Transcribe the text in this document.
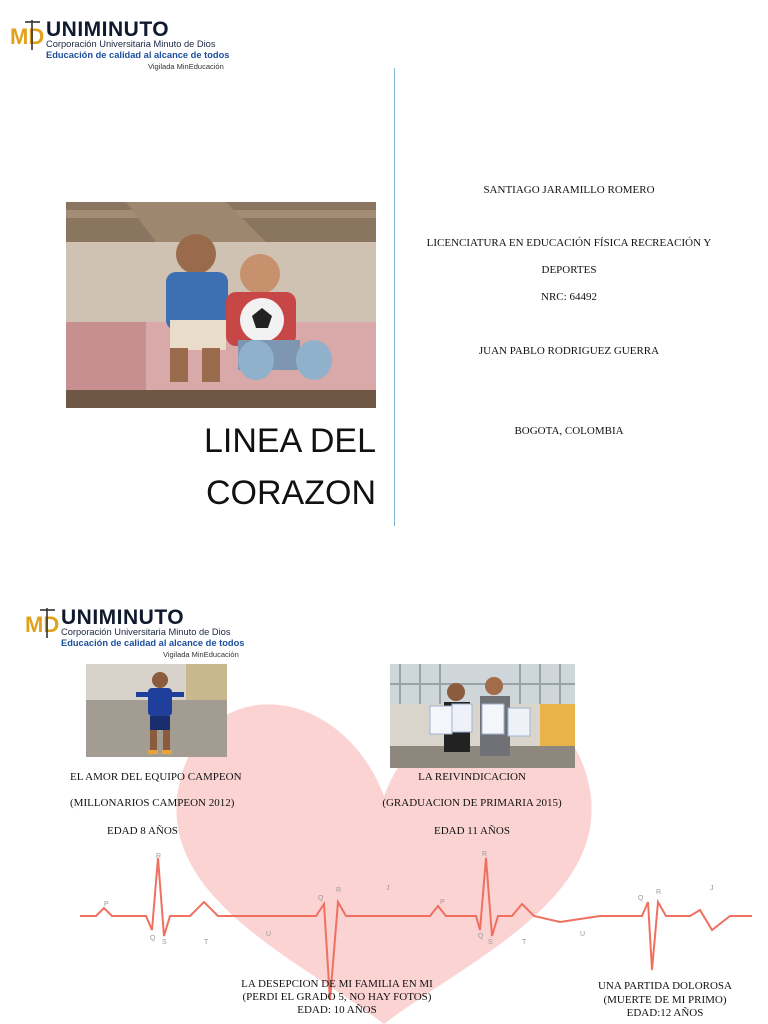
MD UNIMINUTO
Corporación Universitaria Minuto de Dios
Educación de calidad al alcance de todos
Vigilada MinEducación
LINEA DEL
CORAZON
SANTIAGO JARAMILLO ROMERO
LICENCIATURA EN EDUCACIÓN FÍSICA RECREACIÓN Y
DEPORTES
NRC: 64492
JUAN PABLO RODRIGUEZ GUERRA
BOGOTA, COLOMBIA
P
Q
R
S	T
U
Q
R	J
P
Q
R
S	T
U
Q
R
J
MD UNIMINUTO
Corporación Universitaria Minuto de Dios
Educación de calidad al alcance de todos
Vigilada MinEducación
EL AMOR DEL EQUIPO CAMPEON
(MILLONARIOS CAMPEON 2012)
EDAD 8 AÑOS
LA REIVINDICACION
(GRADUACION DE PRIMARIA 2015)
EDAD 11 AÑOS
LA DESEPCION DE MI FAMILIA EN MI
(PERDI EL GRADO 5, NO HAY FOTOS)
EDAD: 10 AÑOS
UNA PARTIDA DOLOROSA
(MUERTE DE MI PRIMO)
EDAD:12 AÑOS
